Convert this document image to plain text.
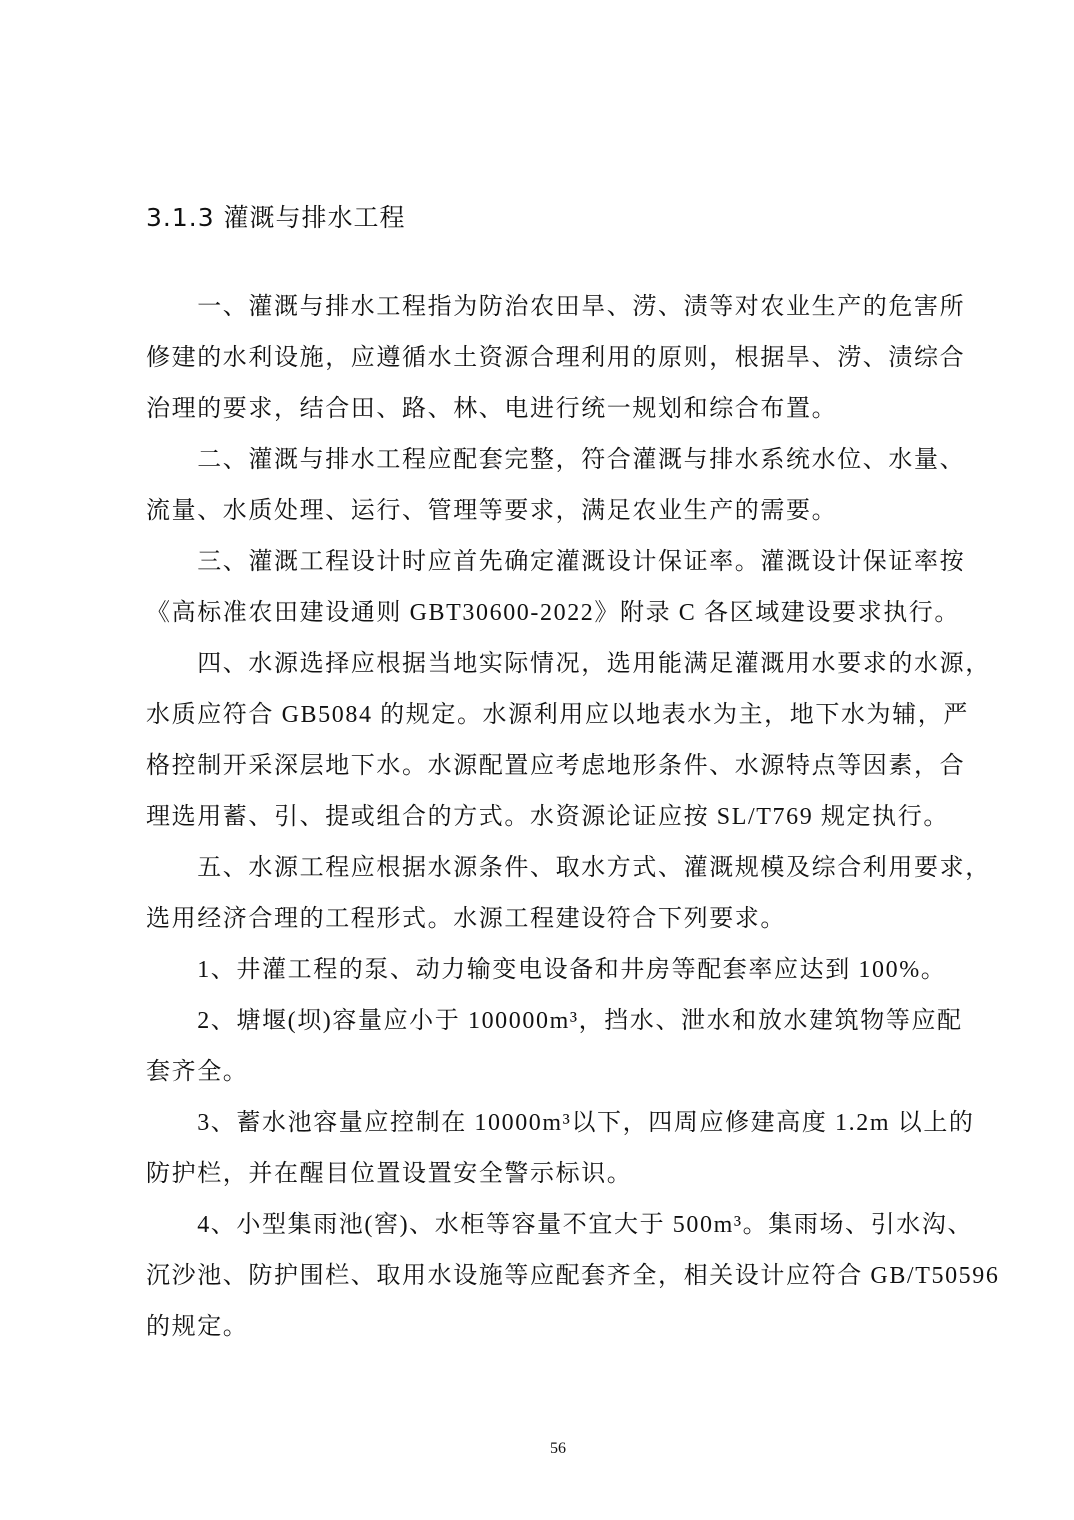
3.1.3 灌溉与排水工程
　　一、灌溉与排水工程指为防治农田旱、涝、渍等对农业生产的危害所
修建的水利设施，应遵循水土资源合理利用的原则，根据旱、涝、渍综合
治理的要求，结合田、路、林、电进行统一规划和综合布置。
　　二、灌溉与排水工程应配套完整，符合灌溉与排水系统水位、水量、
流量、水质处理、运行、管理等要求，满足农业生产的需要。
　　三、灌溉工程设计时应首先确定灌溉设计保证率。灌溉设计保证率按
《高标准农田建设通则 GBT30600-2022》附录 C 各区域建设要求执行。
　　四、水源选择应根据当地实际情况，选用能满足灌溉用水要求的水源，
水质应符合 GB5084 的规定。水源利用应以地表水为主，地下水为辅，严
格控制开采深层地下水。水源配置应考虑地形条件、水源特点等因素，合
理选用蓄、引、提或组合的方式。水资源论证应按 SL/T769 规定执行。
　　五、水源工程应根据水源条件、取水方式、灌溉规模及综合利用要求，
选用经济合理的工程形式。水源工程建设符合下列要求。
　　1、井灌工程的泵、动力输变电设备和井房等配套率应达到 100%。
　　2、塘堰(坝)容量应小于 100000m³，挡水、泄水和放水建筑物等应配
套齐全。
　　3、蓄水池容量应控制在 10000m³以下，四周应修建高度 1.2m 以上的
防护栏，并在醒目位置设置安全警示标识。
　　4、小型集雨池(窖)、水柜等容量不宜大于 500m³。集雨场、引水沟、
沉沙池、防护围栏、取用水设施等应配套齐全，相关设计应符合 GB/T50596
的规定。
56
